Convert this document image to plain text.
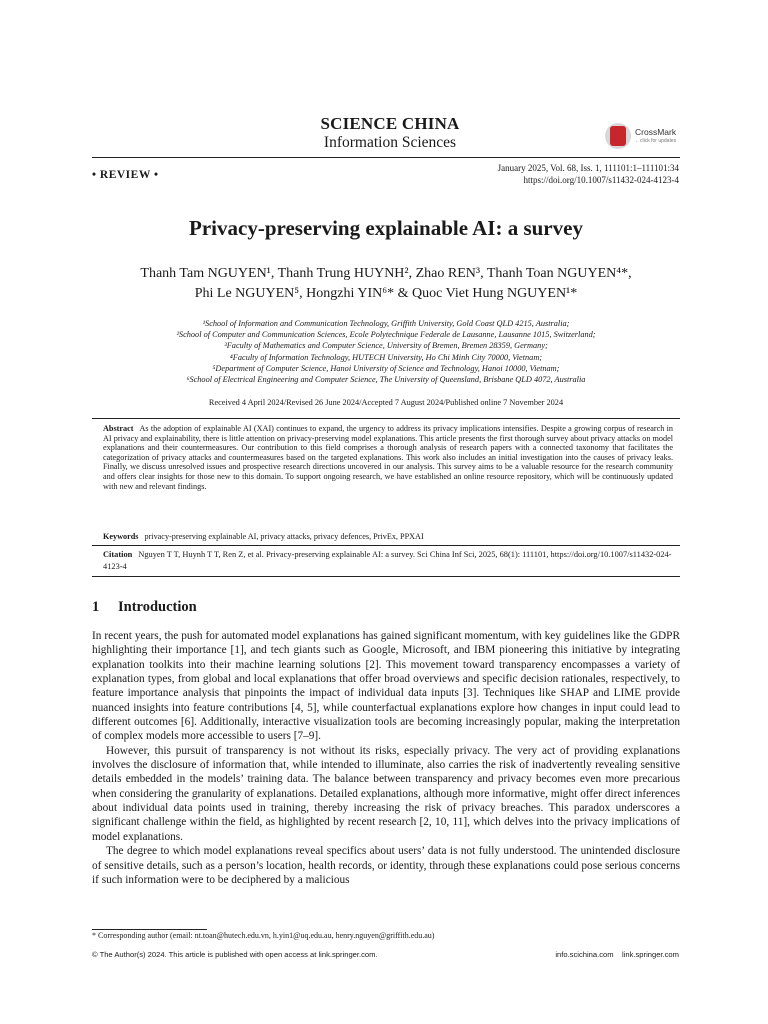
SCIENCE CHINA
Information Sciences
CrossMark
←click for updates
• REVIEW •
January 2025, Vol. 68, Iss. 1, 111101:1–111101:34
https://doi.org/10.1007/s11432-024-4123-4
Privacy-preserving explainable AI: a survey
Thanh Tam NGUYEN¹, Thanh Trung HUYNH², Zhao REN³, Thanh Toan NGUYEN⁴*,
Phi Le NGUYEN⁵, Hongzhi YIN⁶* & Quoc Viet Hung NGUYEN¹*
¹School of Information and Communication Technology, Griffith University, Gold Coast QLD 4215, Australia;
²School of Computer and Communication Sciences, Ecole Polytechnique Federale de Lausanne, Lausanne 1015, Switzerland;
³Faculty of Mathematics and Computer Science, University of Bremen, Bremen 28359, Germany;
⁴Faculty of Information Technology, HUTECH University, Ho Chi Minh City 70000, Vietnam;
⁵Department of Computer Science, Hanoi University of Science and Technology, Hanoi 10000, Vietnam;
⁶School of Electrical Engineering and Computer Science, The University of Queensland, Brisbane QLD 4072, Australia
Received 4 April 2024/Revised 26 June 2024/Accepted 7 August 2024/Published online 7 November 2024
Abstract As the adoption of explainable AI (XAI) continues to expand, the urgency to address its privacy implications intensifies. Despite a growing corpus of research in AI privacy and explainability, there is little attention on privacy-preserving model explanations. This article presents the first thorough survey about privacy attacks on model explanations and their countermeasures. Our contribution to this field comprises a thorough analysis of research papers with a connected taxonomy that facilitates the categorization of privacy attacks and countermeasures based on the targeted explanations. This work also includes an initial investigation into the causes of privacy leaks. Finally, we discuss unresolved issues and prospective research directions uncovered in our analysis. This survey aims to be a valuable resource for the research community and offers clear insights for those new to this domain. To support ongoing research, we have established an online resource repository, which will be continuously updated with new and relevant findings.
Keywords privacy-preserving explainable AI, privacy attacks, privacy defences, PrivEx, PPXAI
Citation Nguyen T T, Huynh T T, Ren Z, et al. Privacy-preserving explainable AI: a survey. Sci China Inf Sci, 2025, 68(1): 111101, https://doi.org/10.1007/s11432-024-4123-4
1 Introduction

In recent years, the push for automated model explanations has gained significant momentum, with key guidelines like the GDPR highlighting their importance [1], and tech giants such as Google, Microsoft, and IBM pioneering this initiative by integrating explanation toolkits into their machine learning solutions [2]. This movement toward transparency encompasses a variety of explanation types, from global and local explanations that offer broad overviews and specific decision rationales, respectively, to feature importance analysis that pinpoints the impact of individual data inputs [3]. Techniques like SHAP and LIME provide nuanced insights into feature contributions [4, 5], while counterfactual explanations explore how changes in input could lead to different outcomes [6]. Additionally, interactive visualization tools are becoming increasingly popular, making the interpretation of complex models more accessible to users [7–9].

However, this pursuit of transparency is not without its risks, especially privacy. The very act of providing explanations involves the disclosure of information that, while intended to illuminate, also carries the risk of inadvertently revealing sensitive details embedded in the models’ training data. The balance between transparency and privacy becomes even more precarious when considering the granularity of explanations. Detailed explanations, although more informative, might offer direct inferences about individual data points used in training, thereby increasing the risk of privacy breaches. This paradox underscores a significant challenge within the field, as highlighted by recent research [2, 10, 11], which delves into the privacy implications of model explanations.

The degree to which model explanations reveal specifics about users’ data is not fully understood. The unintended disclosure of sensitive details, such as a person’s location, health records, or identity, through these explanations could pose serious concerns if such information were to be deciphered by a malicious

* Corresponding author (email: nt.toan@hutech.edu.vn, h.yin1@uq.edu.au, henry.nguyen@griffith.edu.au)
© The Author(s) 2024. This article is published with open access at link.springer.com.	info.scichina.com    link.springer.com
